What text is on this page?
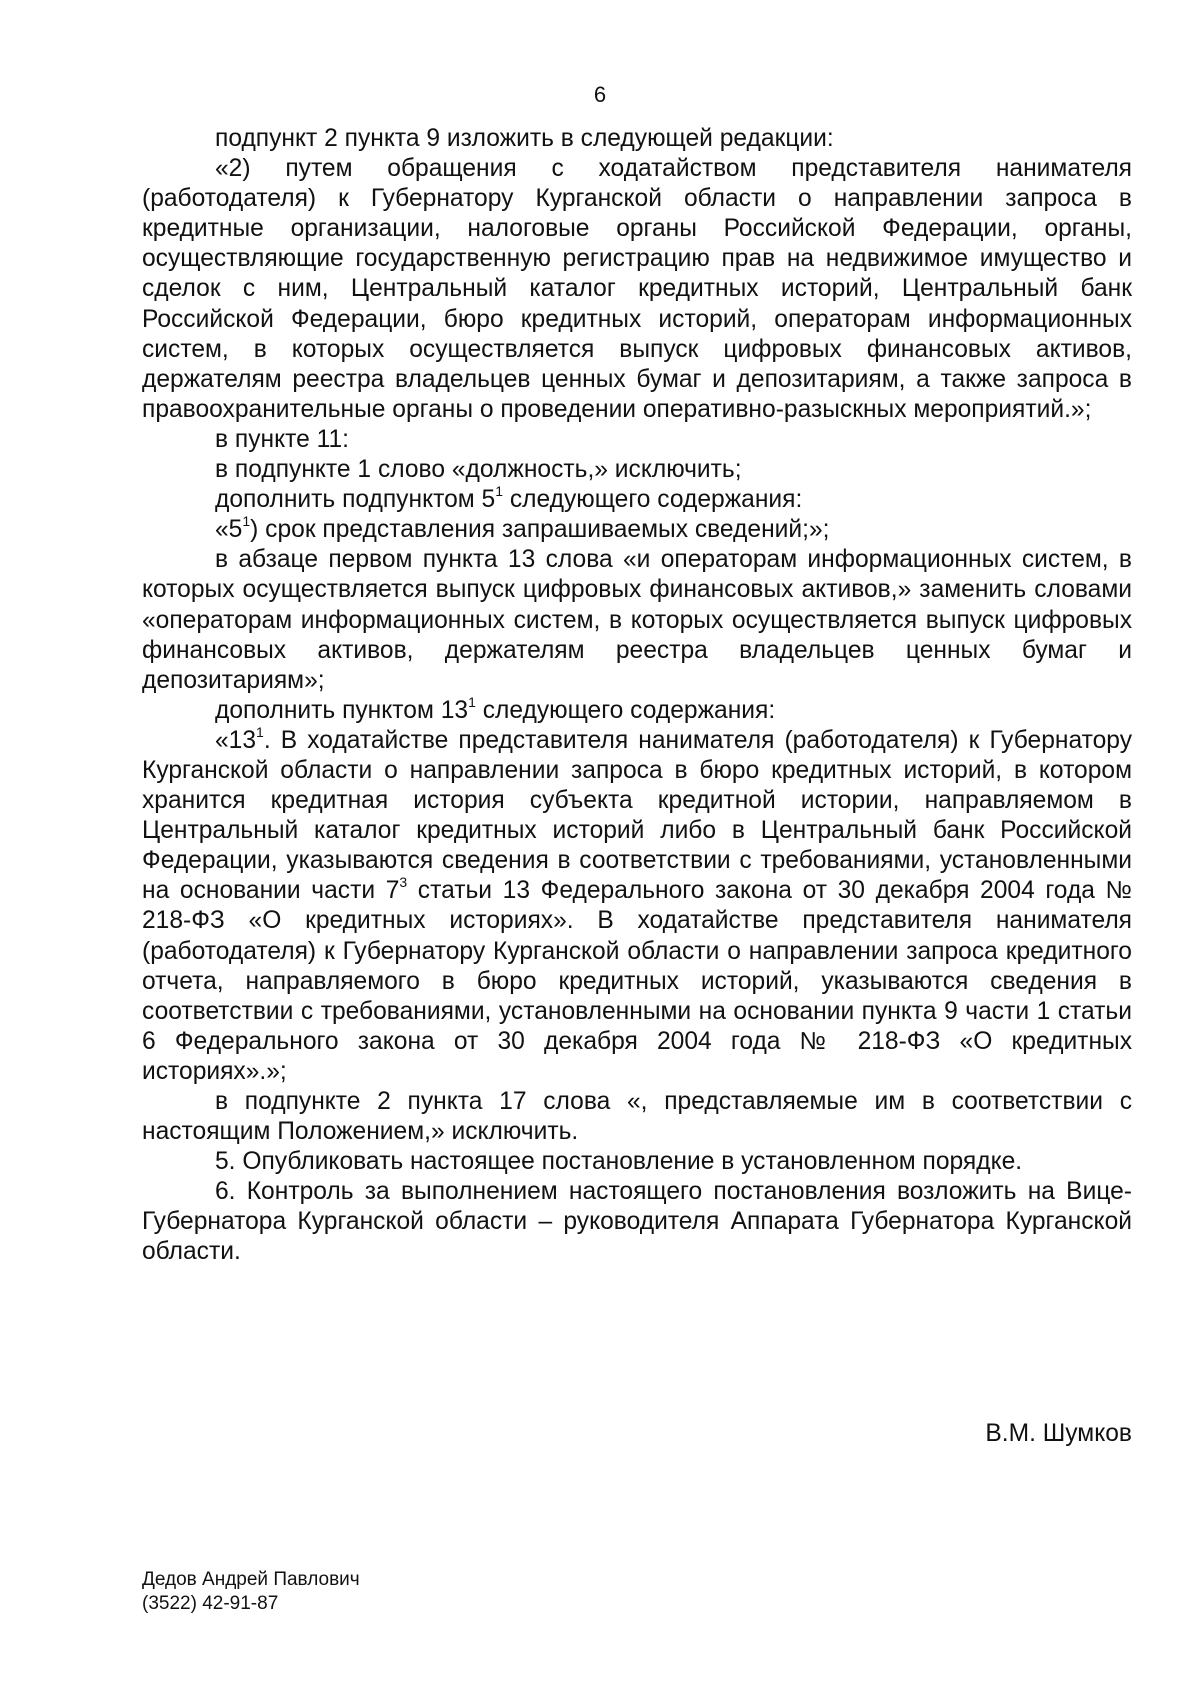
6

подпункт 2 пункта 9 изложить в следующей редакции:

«2) путем обращения с ходатайством представителя нанимателя (работодателя) к Губернатору Курганской области о направлении запроса в кредитные организации, налоговые органы Российской Федерации, органы, осуществляющие государственную регистрацию прав на недвижимое имущество и сделок с ним, Центральный каталог кредитных историй, Центральный банк Российской Федерации, бюро кредитных историй, операторам информационных систем, в которых осуществляется выпуск цифровых финансовых активов, держателям реестра владельцев ценных бумаг и депозитариям, а также запроса в правоохранительные органы о проведении оперативно-разыскных мероприятий.»;

в пункте 11:

в подпункте 1 слово «должность,» исключить;

дополнить подпунктом $5^1$ следующего содержания:

«$5^1$) срок представления запрашиваемых сведений;»;

в абзаце первом пункта 13 слова «и операторам информационных систем, в которых осуществляется выпуск цифровых финансовых активов,» заменить словами «операторам информационных систем, в которых осуществляется выпуск цифровых финансовых активов, держателям реестра владельцев ценных бумаг и депозитариям»;

дополнить пунктом $13^1$ следующего содержания:

«$13^1$. В ходатайстве представителя нанимателя (работодателя) к Губернатору Курганской области о направлении запроса в бюро кредитных историй, в котором хранится кредитная история субъекта кредитной истории, направляемом в Центральный каталог кредитных историй либо в Центральный банк Российской Федерации, указываются сведения в соответствии с требованиями, установленными на основании части $7^3$ статьи 13 Федерального закона от 30 декабря 2004 года № 218-ФЗ «О кредитных историях». В ходатайстве представителя нанимателя (работодателя) к Губернатору Курганской области о направлении запроса кредитного отчета, направляемого в бюро кредитных историй, указываются сведения в соответствии с требованиями, установленными на основании пункта 9 части 1 статьи 6 Федерального закона от 30 декабря 2004 года № 218-ФЗ «О кредитных историях».»;

в подпункте 2 пункта 17 слова «, представляемые им в соответствии с настоящим Положением,» исключить.

5. Опубликовать настоящее постановление в установленном порядке.

6. Контроль за выполнением настоящего постановления возложить на Вице-Губернатора Курганской области – руководителя Аппарата Губернатора Курганской области.

В.М. Шумков
Дедов Андрей Павлович
(3522) 42-91-87
